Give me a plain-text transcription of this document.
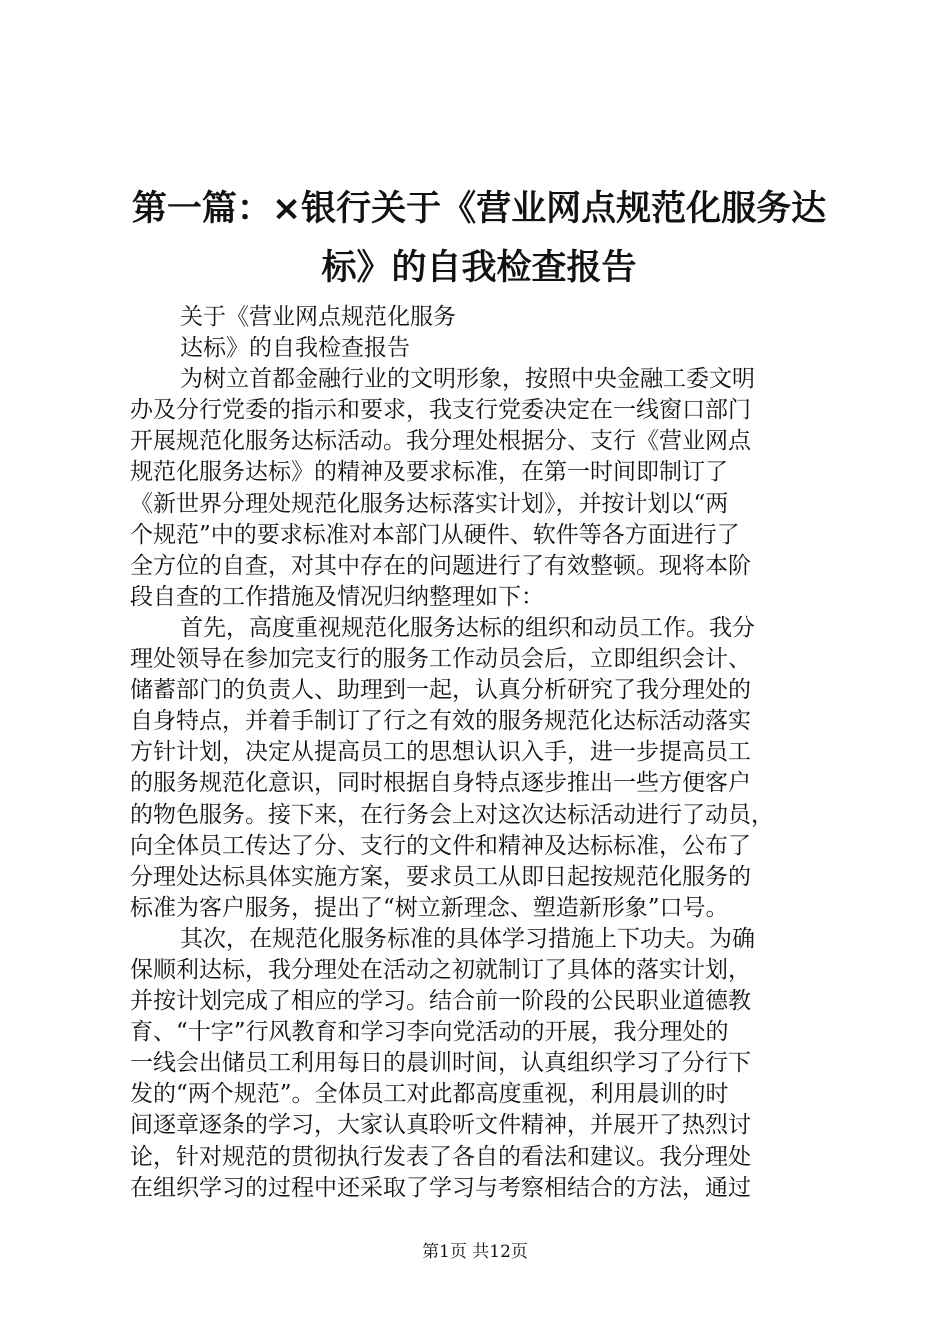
第一篇：×银行关于《营业网点规范化服务达
标》的自我检查报告
关于《营业网点规范化服务
达标》的自我检查报告
为树立首都金融行业的文明形象，按照中央金融工委文明
办及分行党委的指示和要求，我支行党委决定在一线窗口部门
开展规范化服务达标活动。我分理处根据分、支行《营业网点
规范化服务达标》的精神及要求标准，在第一时间即制订了
《新世界分理处规范化服务达标落实计划》，并按计划以“两
个规范”中的要求标准对本部门从硬件、软件等各方面进行了
全方位的自查，对其中存在的问题进行了有效整顿。现将本阶
段自查的工作措施及情况归纳整理如下：
首先，高度重视规范化服务达标的组织和动员工作。我分
理处领导在参加完支行的服务工作动员会后，立即组织会计、
储蓄部门的负责人、助理到一起，认真分析研究了我分理处的
自身特点，并着手制订了行之有效的服务规范化达标活动落实
方针计划，决定从提高员工的思想认识入手，进一步提高员工
的服务规范化意识，同时根据自身特点逐步推出一些方便客户
的物色服务。接下来，在行务会上对这次达标活动进行了动员，
向全体员工传达了分、支行的文件和精神及达标标准，公布了
分理处达标具体实施方案，要求员工从即日起按规范化服务的
标准为客户服务，提出了“树立新理念、塑造新形象”口号。
其次，在规范化服务标准的具体学习措施上下功夫。为确
保顺利达标，我分理处在活动之初就制订了具体的落实计划，
并按计划完成了相应的学习。结合前一阶段的公民职业道德教
育、“十字”行风教育和学习李向党活动的开展，我分理处的
一线会出储员工利用每日的晨训时间，认真组织学习了分行下
发的“两个规范”。全体员工对此都高度重视，利用晨训的时
间逐章逐条的学习，大家认真聆听文件精神，并展开了热烈讨
论，针对规范的贯彻执行发表了各自的看法和建议。我分理处
在组织学习的过程中还采取了学习与考察相结合的方法，通过
第1页 共12页
